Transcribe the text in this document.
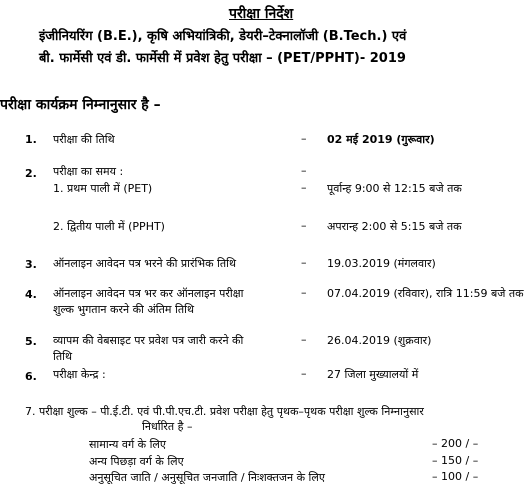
परीक्षा निर्देश
इंजीनियरिंग (B.E.), कृषि अभियांत्रिकी, डेयरी–टेक्नालॉजी (B.Tech.) एवं
बी. फार्मेसी एवं डी. फार्मेसी में प्रवेश हेतु परीक्षा – (PET/PPHT)- 2019
परीक्षा कार्यक्रम निम्नानुसार है –
1. परीक्षा की तिथि	– 02 मई 2019 (गुरूवार)
2. परीक्षा का समय :	–
1. प्रथम पाली में (PET)	– पूर्वान्ह 9:00 से 12:15 बजे तक
2. द्वितीय पाली में (PPHT)	– अपरान्ह 2:00 से 5:15 बजे तक
3. ऑनलाइन आवेदन पत्र भरने की प्रारंभिक तिथि	– 19.03.2019 (मंगलवार)
4. ऑनलाइन आवेदन पत्र भर कर ऑनलाइन परीक्षा
शुल्क भुगतान करने की अंतिम तिथि
– 07.04.2019 (रविवार), रात्रि 11:59 बजे तक
5. व्यापम की वेबसाइट पर प्रवेश पत्र जारी करने की
तिथि
– 26.04.2019 (शुक्रवार)
6. परीक्षा केन्द्र :	– 27 जिला मुख्यालयों में
7. परीक्षा शुल्क – पी.ई.टी. एवं पी.पी.एच.टी. प्रवेश परीक्षा हेतु पृथक–पृथक परीक्षा शुल्क निम्नानुसार
निर्धारित है –
सामान्य वर्ग के लिए	– 200 / –
अन्य पिछड़ा वर्ग के लिए	– 150 / –
अनुसूचित जाति / अनुसूचित जनजाति / निःशक्तजन के लिए	– 100 / –
